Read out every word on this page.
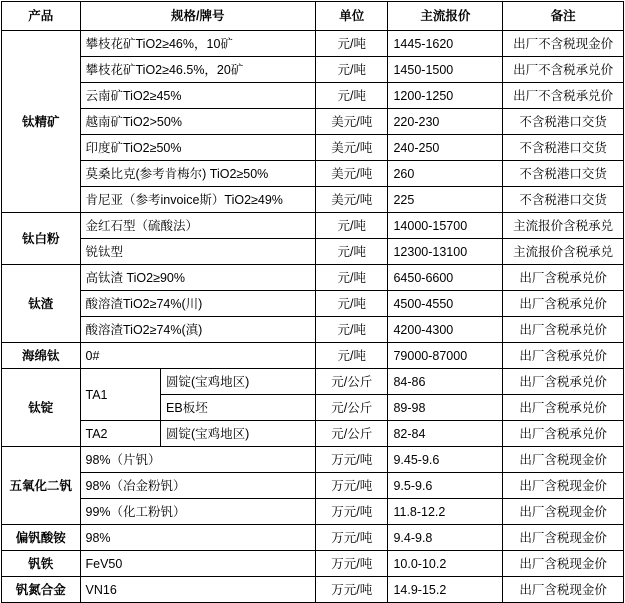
产品	规格/牌号		单位	主流报价	备注
钛精矿	攀枝花矿TiO2≥46%，10矿		元/吨	1445-1620	出厂不含税现金价
	攀枝花矿TiO2≥46.5%，20矿		元/吨	1450-1500	出厂不含税承兑价
	云南矿TiO2≥45%		元/吨	1200-1250	出厂不含税承兑价
	越南矿TiO2>50%		美元/吨	220-230	不含税港口交货
	印度矿TiO2≥50%		美元/吨	240-250	不含税港口交货
	莫桑比克(参考肯梅尔) TiO2≥50%		美元/吨	260	不含税港口交货
	肯尼亚（参考invoice斯）TiO2≥49%		美元/吨	225	不含税港口交货
钛白粉	金红石型（硫酸法）		元/吨	14000-15700	主流报价含税承兑
	锐钛型		元/吨	12300-13100	主流报价含税承兑
钛渣	高钛渣 TiO2≥90%		元/吨	6450-6600	出厂含税承兑价
	酸溶渣TiO2≥74%(川)		元/吨	4500-4550	出厂含税承兑价
	酸溶渣TiO2≥74%(滇)		元/吨	4200-4300	出厂含税承兑价
海绵钛	0#		元/吨	79000-87000	出厂含税承兑价
钛锭	TA1	圆锭(宝鸡地区)	元/公斤	84-86	出厂含税承兑价
		EB板坯	元/公斤	89-98	出厂含税承兑价
	TA2	圆锭(宝鸡地区)	元/公斤	82-84	出厂含税承兑价
五氧化二钒	98%（片钒）		万元/吨	9.45-9.6	出厂含税现金价
	98%（冶金粉钒）		万元/吨	9.5-9.6	出厂含税现金价
	99%（化工粉钒）		万元/吨	11.8-12.2	出厂含税现金价
偏钒酸铵	98%		万元/吨	9.4-9.8	出厂含税现金价
钒铁	FeV50		万元/吨	10.0-10.2	出厂含税现金价
钒氮合金	VN16		万元/吨	14.9-15.2	出厂含税现金价
